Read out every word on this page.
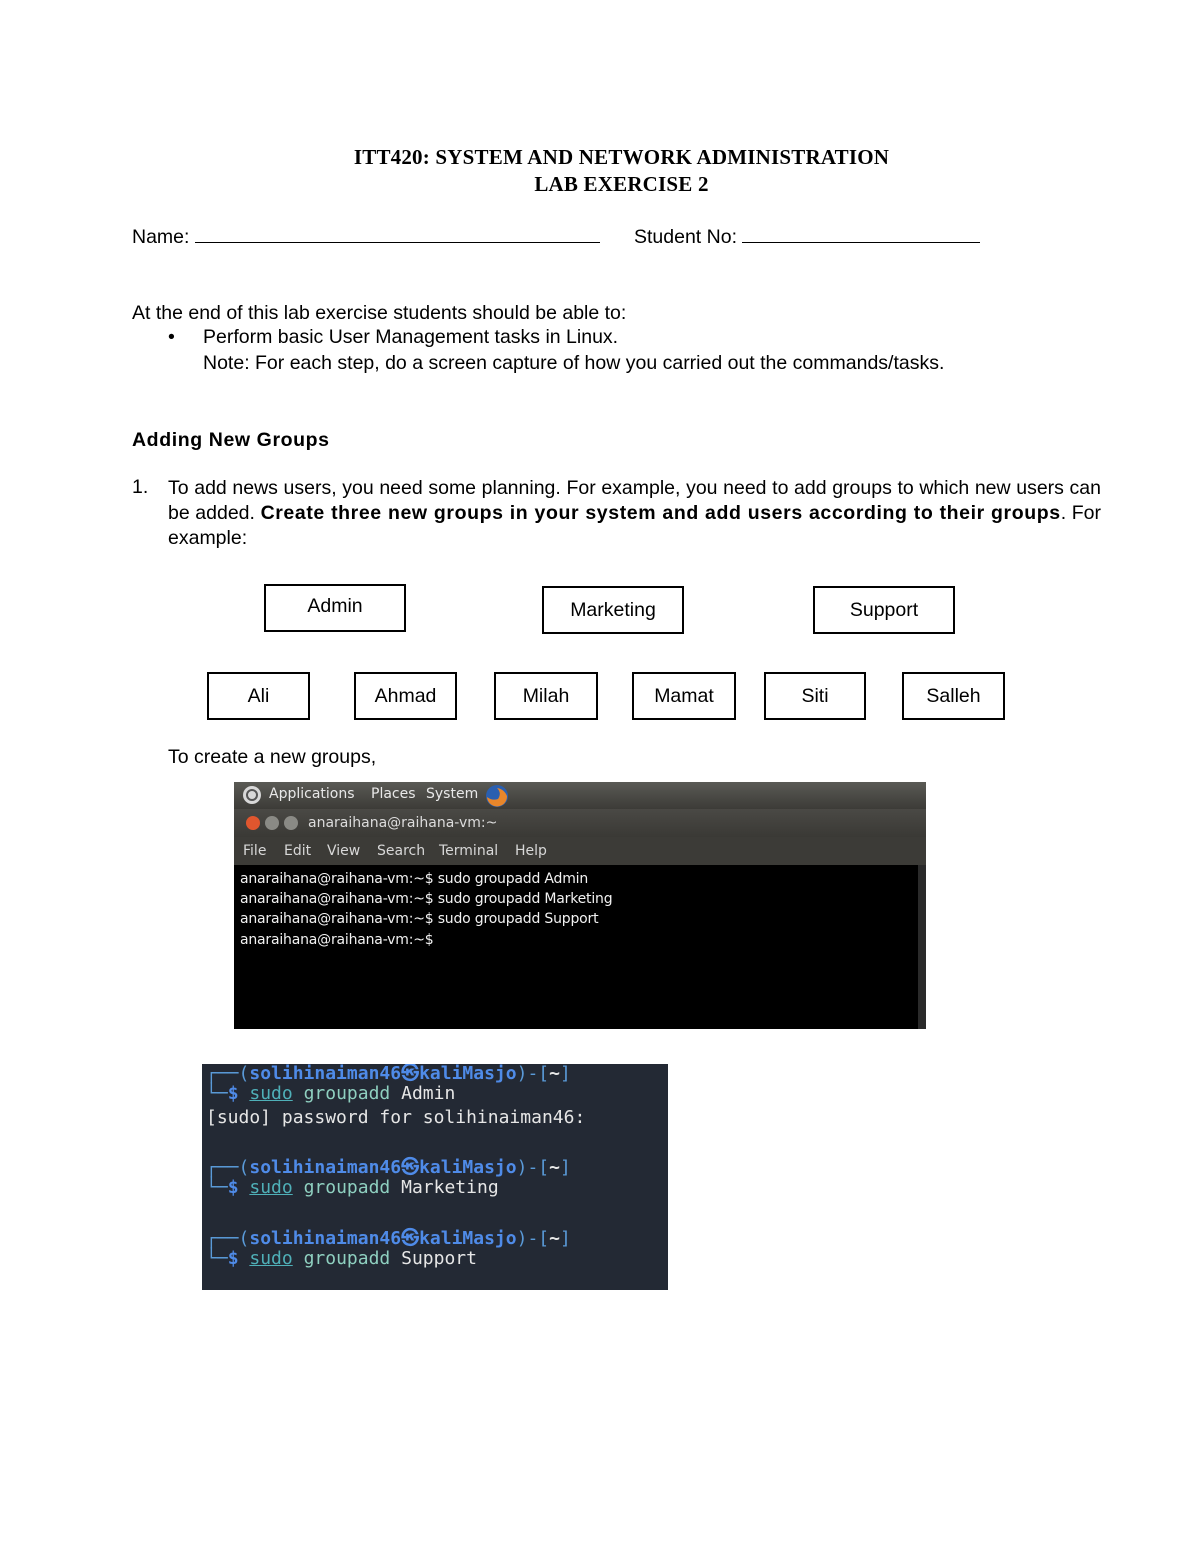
ITT420: SYSTEM AND NETWORK ADMINISTRATION
LAB EXERCISE 2
Name:	Student No:
At the end of this lab exercise students should be able to:
• Perform basic User Management tasks in Linux.
Note: For each step, do a screen capture of how you carried out the commands/tasks.
Adding New Groups
1. To add news users, you need some planning. For example, you need to add groups to which new users can be added. Create three new groups in your system and add users according to their groups. For example:
Admin	Marketing	Support
Ali	Ahmad	Milah	Mamat	Siti	Salleh
To create a new groups,
Applications Places System
anaraihana@raihana-vm:~
File Edit View Search Terminal Help
anaraihana@raihana-vm:~$ sudo groupadd Admin
anaraihana@raihana-vm:~$ sudo groupadd Marketing
anaraihana@raihana-vm:~$ sudo groupadd Support
anaraihana@raihana-vm:~$
┌──(solihinaiman46㉿kaliMasjo)-[~]
└─$ sudo groupadd Admin
[sudo] password for solihinaiman46:
┌──(solihinaiman46㉿kaliMasjo)-[~]
└─$ sudo groupadd Marketing
┌──(solihinaiman46㉿kaliMasjo)-[~]
└─$ sudo groupadd Support
